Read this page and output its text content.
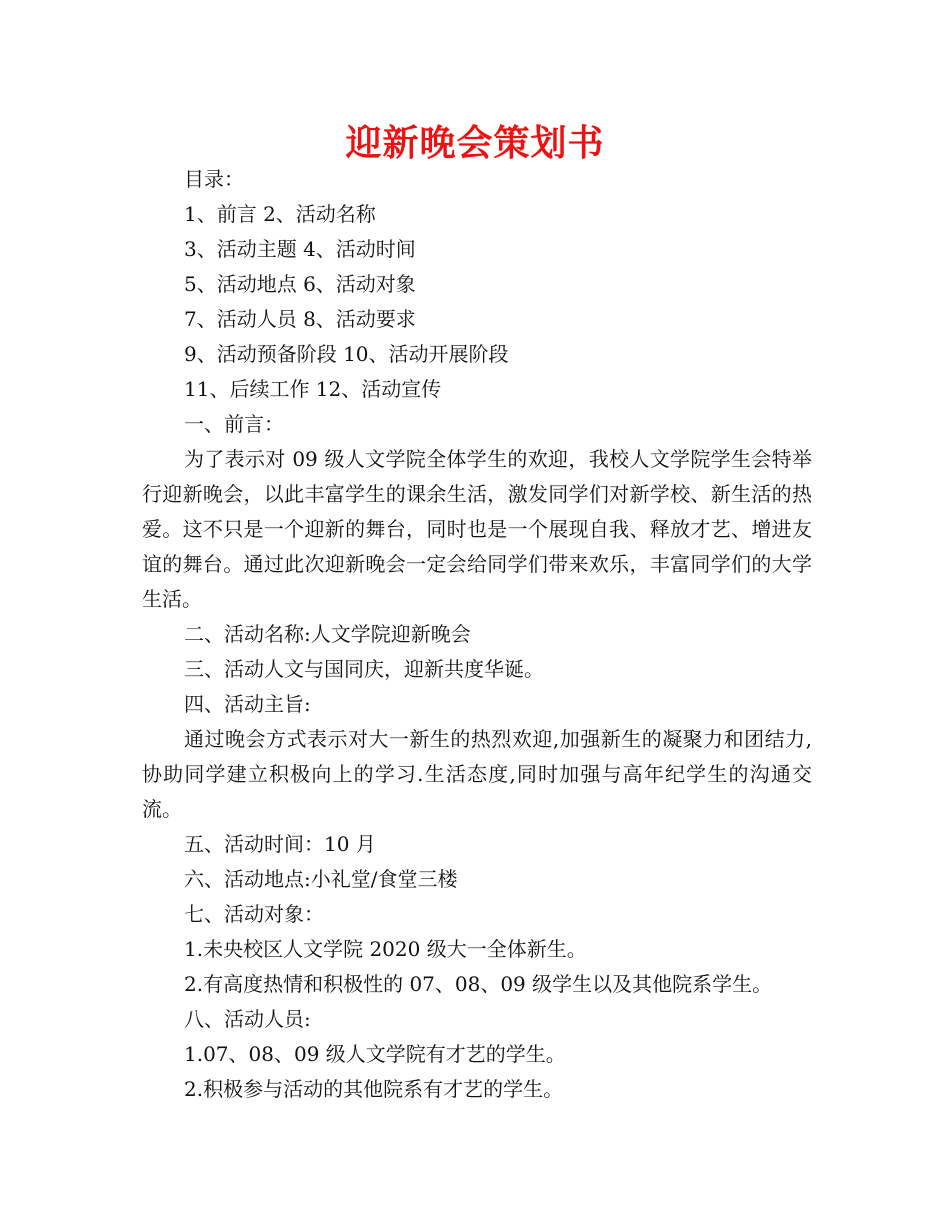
迎新晚会策划书

目录：

1、前言 2、活动名称

3、活动主题 4、活动时间

5、活动地点 6、活动对象

7、活动人员 8、活动要求

9、活动预备阶段 10、活动开展阶段

11、后续工作 12、活动宣传

一、前言：

为了表示对 09 级人文学院全体学生的欢迎，我校人文学院学生会特举行迎新晚会，以此丰富学生的课余生活，激发同学们对新学校、新生活的热爱。这不只是一个迎新的舞台，同时也是一个展现自我、释放才艺、增进友谊的舞台。通过此次迎新晚会一定会给同学们带来欢乐，丰富同学们的大学生活。

二、活动名称:人文学院迎新晚会

三、活动人文与国同庆，迎新共度华诞。

四、活动主旨:

通过晚会方式表示对大一新生的热烈欢迎,加强新生的凝聚力和团结力,协助同学建立积极向上的学习.生活态度,同时加强与高年纪学生的沟通交流。

五、活动时间：10 月

六、活动地点:小礼堂/食堂三楼

七、活动对象：

1.未央校区人文学院 2020 级大一全体新生。

2.有高度热情和积极性的 07、08、09 级学生以及其他院系学生。

八、活动人员:

1.07、08、09 级人文学院有才艺的学生。

2.积极参与活动的其他院系有才艺的学生。
